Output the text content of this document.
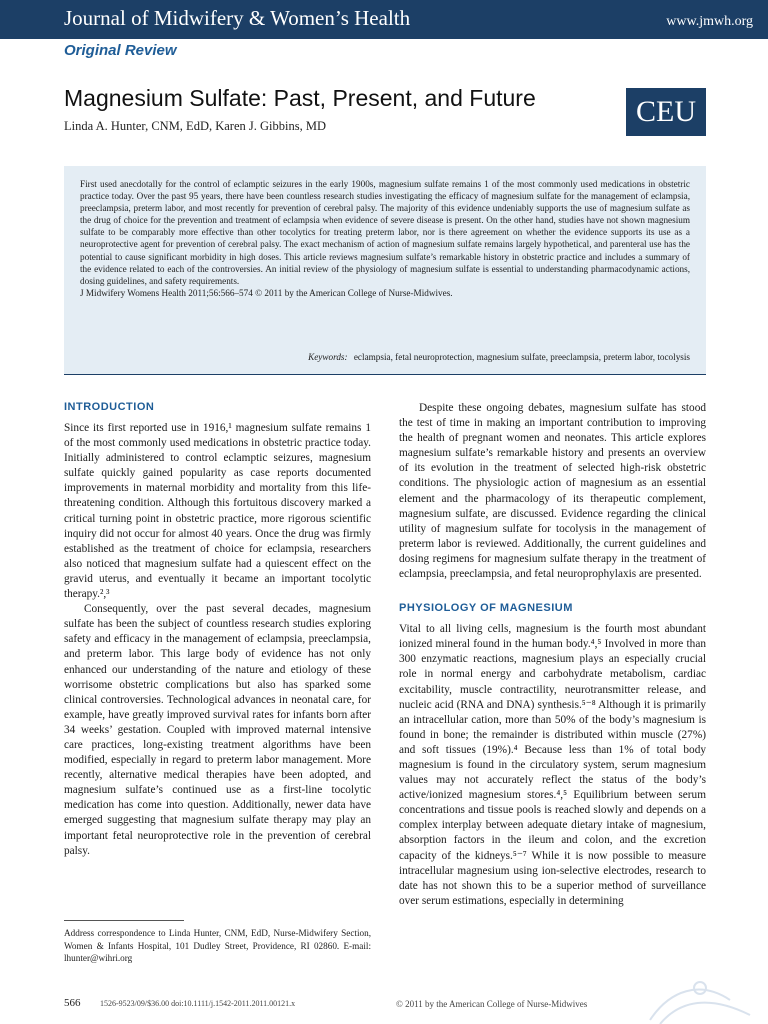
Journal of Midwifery & Women’s Health	www.jmwh.org
Original Review
Magnesium Sulfate: Past, Present, and Future
Linda A. Hunter, CNM, EdD, Karen J. Gibbins, MD	CEU

First used anecdotally for the control of eclamptic seizures in the early 1900s, magnesium sulfate remains 1 of the most commonly used medications in obstetric practice today. Over the past 95 years, there have been countless research studies investigating the efficacy of magnesium sulfate for the management of eclampsia, preeclampsia, preterm labor, and most recently for prevention of cerebral palsy. The majority of this evidence undeniably supports the use of magnesium sulfate as the drug of choice for the prevention and treatment of eclampsia when evidence of severe disease is present. On the other hand, studies have not shown magnesium sulfate to be comparably more effective than other tocolytics for treating preterm labor, nor is there agreement on whether the evidence supports its use as a neuroprotective agent for prevention of cerebral palsy. The exact mechanism of action of magnesium sulfate remains largely hypothetical, and parenteral use has the potential to cause significant morbidity in high doses. This article reviews magnesium sulfate’s remarkable history in obstetric practice and includes a summary of the evidence related to each of the controversies. An initial review of the physiology of magnesium sulfate is essential to understanding pharmacodynamic actions, dosing guidelines, and safety requirements.

J Midwifery Womens Health 2011;56:566–574 © 2011 by the American College of Nurse-Midwives.

Keywords: eclampsia, fetal neuroprotection, magnesium sulfate, preeclampsia, preterm labor, tocolysis
INTRODUCTION

Since its first reported use in 1916,¹ magnesium sulfate remains 1 of the most commonly used medications in obstetric practice today. Initially administered to control eclamptic seizures, magnesium sulfate quickly gained popularity as case reports documented improvements in maternal morbidity and mortality from this life-threatening condition. Although this fortuitous discovery marked a critical turning point in obstetric practice, more rigorous scientific inquiry did not occur for almost 40 years. Once the drug was firmly established as the treatment of choice for eclampsia, researchers also noticed that magnesium sulfate had a quiescent effect on the gravid uterus, and eventually it became an important tocolytic therapy.²,³

Consequently, over the past several decades, magnesium sulfate has been the subject of countless research studies exploring safety and efficacy in the management of eclampsia, preeclampsia, and preterm labor. This large body of evidence has not only enhanced our understanding of the nature and etiology of these worrisome obstetric complications but also has sparked some clinical controversies. Technological advances in neonatal care, for example, have greatly improved survival rates for infants born after 34 weeks’ gestation. Coupled with improved maternal intensive care practices, long-existing treatment algorithms have been modified, especially in regard to preterm labor management. More recently, alternative medical therapies have been adopted, and magnesium sulfate’s continued use as a first-line tocolytic medication has come into question. Additionally, newer data have emerged suggesting that magnesium sulfate therapy may play an important fetal neuroprotective role in the prevention of cerebral palsy.

Despite these ongoing debates, magnesium sulfate has stood the test of time in making an important contribution to improving the health of pregnant women and neonates. This article explores magnesium sulfate’s remarkable history and presents an overview of its evolution in the treatment of selected high-risk obstetric conditions. The physiologic action of magnesium as an essential element and the pharmacology of its therapeutic complement, magnesium sulfate, are discussed. Evidence regarding the clinical utility of magnesium sulfate for tocolysis in the management of preterm labor is reviewed. Additionally, the current guidelines and dosing regimens for magnesium sulfate therapy in the treatment of eclampsia, preeclampsia, and fetal neuroprophylaxis are presented.

PHYSIOLOGY OF MAGNESIUM

Vital to all living cells, magnesium is the fourth most abundant ionized mineral found in the human body.⁴,⁵ Involved in more than 300 enzymatic reactions, magnesium plays an especially crucial role in normal energy and carbohydrate metabolism, cardiac excitability, muscle contractility, neurotransmitter release, and nucleic acid (RNA and DNA) synthesis.⁵⁻⁸ Although it is primarily an intracellular cation, more than 50% of the body’s magnesium is found in bone; the remainder is distributed within muscle (27%) and soft tissues (19%).⁴ Because less than 1% of total body magnesium is found in the circulatory system, serum magnesium values may not accurately reflect the status of the body’s active/ionized magnesium stores.⁴,⁵ Equilibrium between serum concentrations and tissue pools is reached slowly and depends on a complex interplay between adequate dietary intake of magnesium, absorption factors in the ileum and colon, and the excretion capacity of the kidneys.⁵⁻⁷ While it is now possible to measure intracellular magnesium using ion-selective electrodes, research to date has not shown this to be a superior method of surveillance over serum estimations, especially in determining

Address correspondence to Linda Hunter, CNM, EdD, Nurse-Midwifery Section, Women & Infants Hospital, 101 Dudley Street, Providence, RI 02860. E-mail: lhunter@wihri.org

566 1526-9523/09/$36.00 doi:10.1111/j.1542-2011.2011.00121.x	© 2011 by the American College of Nurse-Midwives
